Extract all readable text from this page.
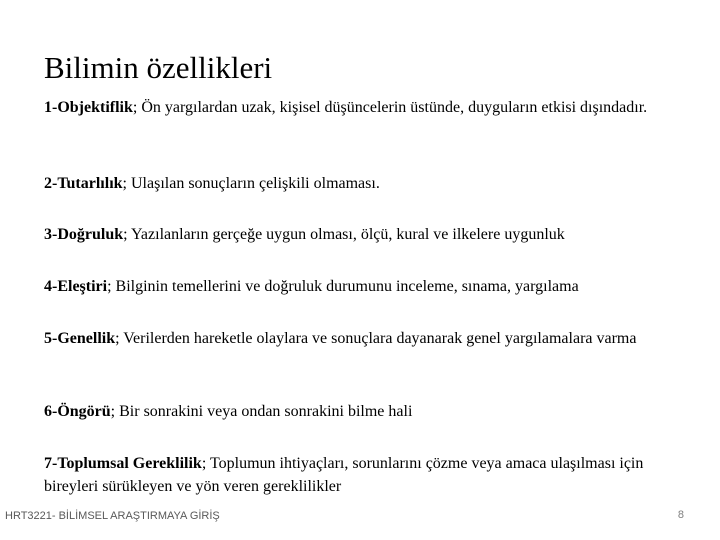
Bilimin özellikleri

1-Objektiflik; Ön yargılardan uzak, kişisel düşüncelerin üstünde, duyguların etkisi dışındadır.

2-Tutarlılık; Ulaşılan sonuçların çelişkili olmaması.

3-Doğruluk; Yazılanların gerçeğe uygun olması, ölçü, kural ve ilkelere uygunluk

4-Eleştiri; Bilginin temellerini ve doğruluk durumunu inceleme, sınama, yargılama

5-Genellik; Verilerden hareketle olaylara ve sonuçlara dayanarak genel yargılamalara varma

6-Öngörü; Bir sonrakini veya ondan sonrakini bilme hali

7-Toplumsal Gereklilik; Toplumun ihtiyaçları, sorunlarını çözme veya amaca ulaşılması için bireyleri sürükleyen ve yön veren gereklilikler

HRT3221- BİLİMSEL ARAŞTIRMAYA GİRİŞ	8
